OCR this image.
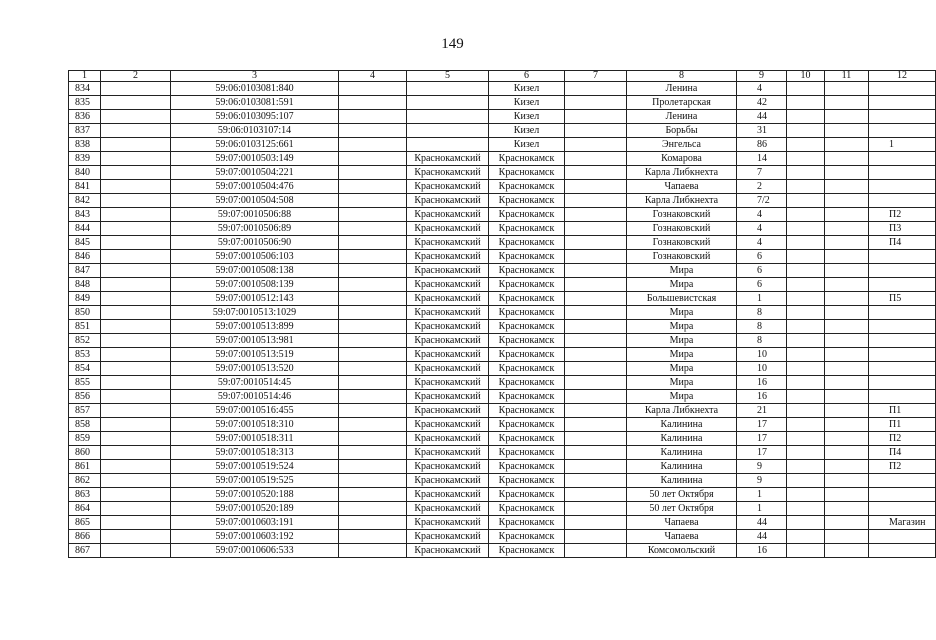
149
1	2	3	4	5	6	7	8	9	10	11	12
834		59:06:0103081:840			Кизел		Ленина	4			
835		59:06:0103081:591			Кизел		Пролетарская	42			
836		59:06:0103095:107			Кизел		Ленина	44			
837		59:06:0103107:14			Кизел		Борьбы	31			
838		59:06:0103125:661			Кизел		Энгельса	86			1
839		59:07:0010503:149		Краснокамский	Краснокамск		Комарова	14			
840		59:07:0010504:221		Краснокамский	Краснокамск		Карла Либкнехта	7			
841		59:07:0010504:476		Краснокамский	Краснокамск		Чапаева	2			
842		59:07:0010504:508		Краснокамский	Краснокамск		Карла Либкнехта	7/2			
843		59:07:0010506:88		Краснокамский	Краснокамск		Гознаковский	4			П2
844		59:07:0010506:89		Краснокамский	Краснокамск		Гознаковский	4			П3
845		59:07:0010506:90		Краснокамский	Краснокамск		Гознаковский	4			П4
846		59:07:0010506:103		Краснокамский	Краснокамск		Гознаковский	6			
847		59:07:0010508:138		Краснокамский	Краснокамск		Мира	6			
848		59:07:0010508:139		Краснокамский	Краснокамск		Мира	6			
849		59:07:0010512:143		Краснокамский	Краснокамск		Большевистская	1			П5
850		59:07:0010513:1029		Краснокамский	Краснокамск		Мира	8			
851		59:07:0010513:899		Краснокамский	Краснокамск		Мира	8			
852		59:07:0010513:981		Краснокамский	Краснокамск		Мира	8			
853		59:07:0010513:519		Краснокамский	Краснокамск		Мира	10			
854		59:07:0010513:520		Краснокамский	Краснокамск		Мира	10			
855		59:07:0010514:45		Краснокамский	Краснокамск		Мира	16			
856		59:07:0010514:46		Краснокамский	Краснокамск		Мира	16			
857		59:07:0010516:455		Краснокамский	Краснокамск		Карла Либкнехта	21			П1
858		59:07:0010518:310		Краснокамский	Краснокамск		Калинина	17			П1
859		59:07:0010518:311		Краснокамский	Краснокамск		Калинина	17			П2
860		59:07:0010518:313		Краснокамский	Краснокамск		Калинина	17			П4
861		59:07:0010519:524		Краснокамский	Краснокамск		Калинина	9			П2
862		59:07:0010519:525		Краснокамский	Краснокамск		Калинина	9			
863		59:07:0010520:188		Краснокамский	Краснокамск		50 лет Октября	1			
864		59:07:0010520:189		Краснокамский	Краснокамск		50 лет Октября	1			
865		59:07:0010603:191		Краснокамский	Краснокамск		Чапаева	44			Магазин
866		59:07:0010603:192		Краснокамский	Краснокамск		Чапаева	44			
867		59:07:0010606:533		Краснокамский	Краснокамск		Комсомольский	16			
